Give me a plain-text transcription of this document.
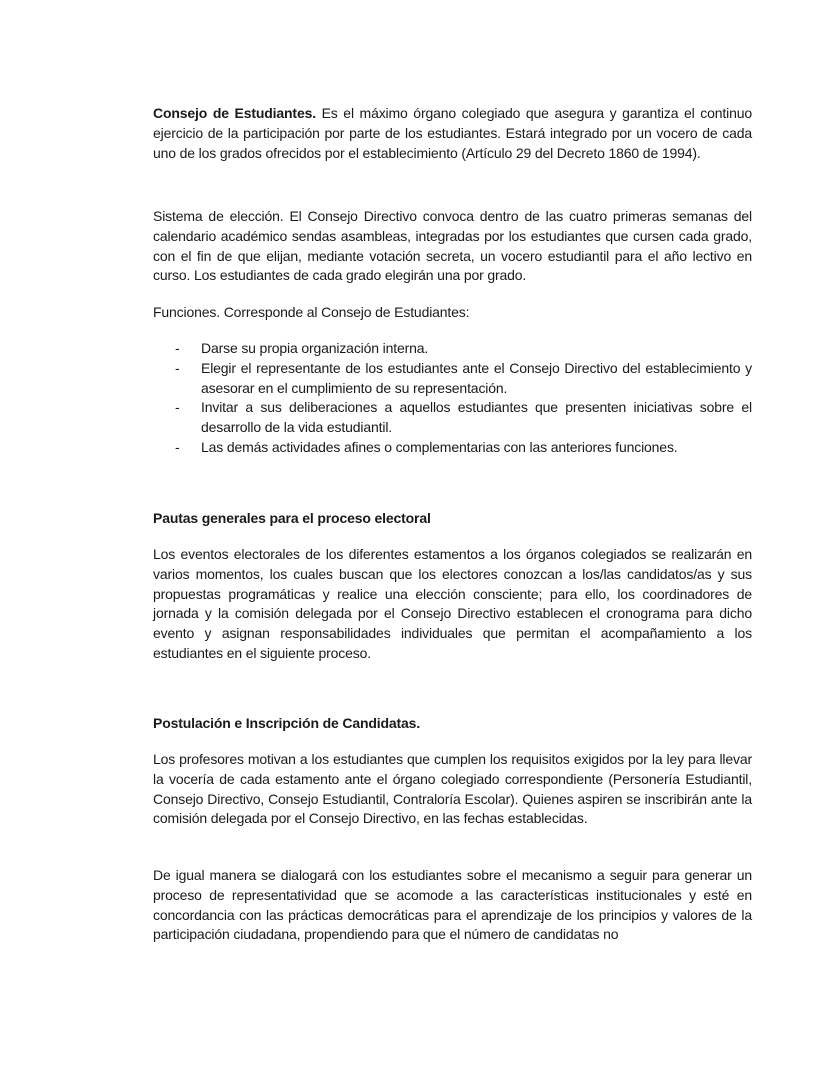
Consejo de Estudiantes. Es el máximo órgano colegiado que asegura y garantiza el continuo ejercicio de la participación por parte de los estudiantes. Estará integrado por un vocero de cada uno de los grados ofrecidos por el establecimiento (Artículo 29 del Decreto 1860 de 1994).

Sistema de elección. El Consejo Directivo convoca dentro de las cuatro primeras semanas del calendario académico sendas asambleas, integradas por los estudiantes que cursen cada grado, con el fin de que elijan, mediante votación secreta, un vocero estudiantil para el año lectivo en curso. Los estudiantes de cada grado elegirán una por grado.

Funciones. Corresponde al Consejo de Estudiantes:

- Darse su propia organización interna.
- Elegir el representante de los estudiantes ante el Consejo Directivo del establecimiento y asesorar en el cumplimiento de su representación.
- Invitar a sus deliberaciones a aquellos estudiantes que presenten iniciativas sobre el desarrollo de la vida estudiantil.
- Las demás actividades afines o complementarias con las anteriores funciones.
Pautas generales para el proceso electoral

Los eventos electorales de los diferentes estamentos a los órganos colegiados se realizarán en varios momentos, los cuales buscan que los electores conozcan a los/las candidatos/as y sus propuestas programáticas y realice una elección consciente; para ello, los coordinadores de jornada y la comisión delegada por el Consejo Directivo establecen el cronograma para dicho evento y asignan responsabilidades individuales que permitan el acompañamiento a los estudiantes en el siguiente proceso.

Postulación e Inscripción de Candidatas.

Los profesores motivan a los estudiantes que cumplen los requisitos exigidos por la ley para llevar la vocería de cada estamento ante el órgano colegiado correspondiente (Personería Estudiantil, Consejo Directivo, Consejo Estudiantil, Contraloría Escolar). Quienes aspiren se inscribirán ante la comisión delegada por el Consejo Directivo, en las fechas establecidas.

De igual manera se dialogará con los estudiantes sobre el mecanismo a seguir para generar un proceso de representatividad que se acomode a las características institucionales y esté en concordancia con las prácticas democráticas para el aprendizaje de los principios y valores de la participación ciudadana, propendiendo para que el número de candidatas no
